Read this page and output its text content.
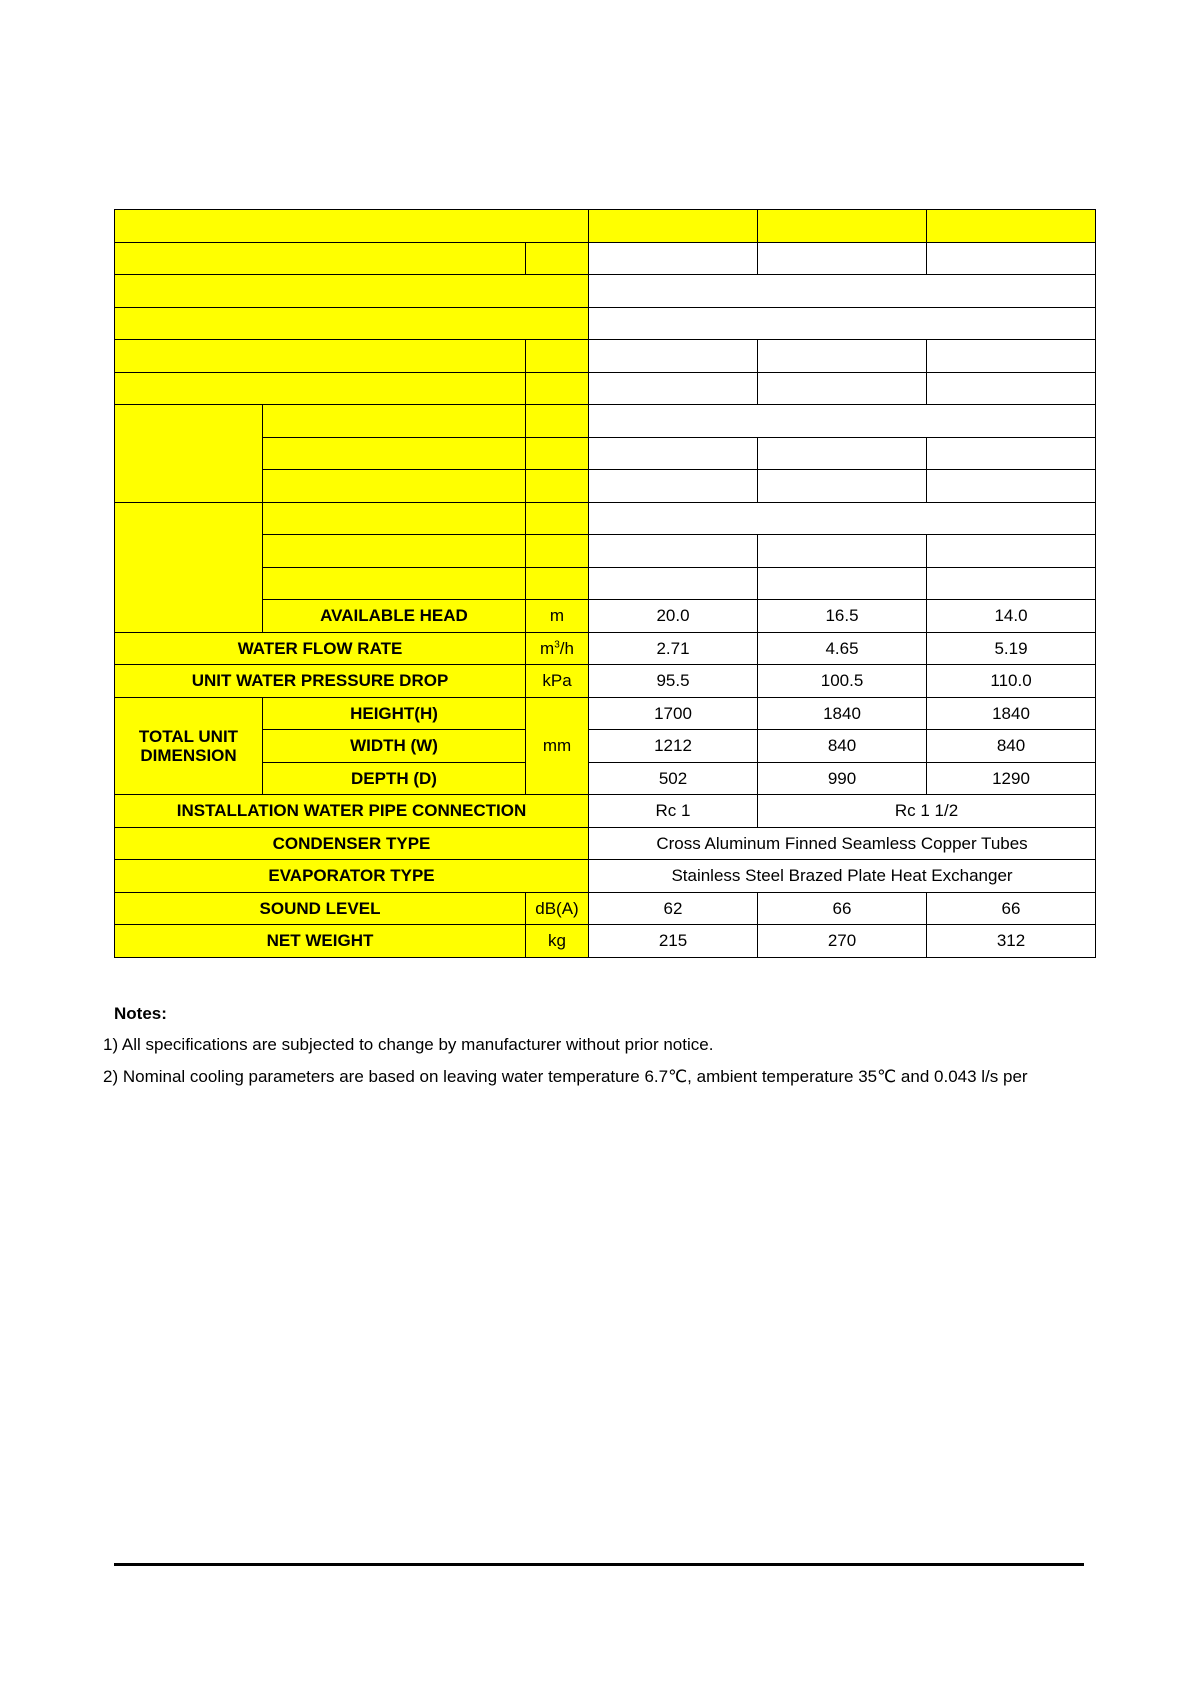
	AVAILABLE HEAD	m	20.0	16.5	14.0
WATER FLOW RATE		$m^3/h$	2.71	4.65	5.19
UNIT WATER PRESSURE DROP		kPa	95.5	100.5	110.0
TOTAL UNIT
DIMENSION	HEIGHT(H)	mm	1700	1840	1840
	WIDTH (W)		1212	840	840
	DEPTH (D)		502	990	1290
INSTALLATION WATER PIPE CONNECTION			Rc 1	Rc 1 1/2	
CONDENSER TYPE			Cross Aluminum Finned Seamless Copper Tubes		
EVAPORATOR TYPE			Stainless Steel Brazed Plate Heat Exchanger		
SOUND LEVEL		dB(A)	62	66	66
NET WEIGHT		kg	215	270	312
Notes:
1) All specifications are subjected to change by manufacturer without prior notice.
2) Nominal cooling parameters are based on leaving water temperature 6.7℃, ambient temperature 35℃ and 0.043 l/s per
